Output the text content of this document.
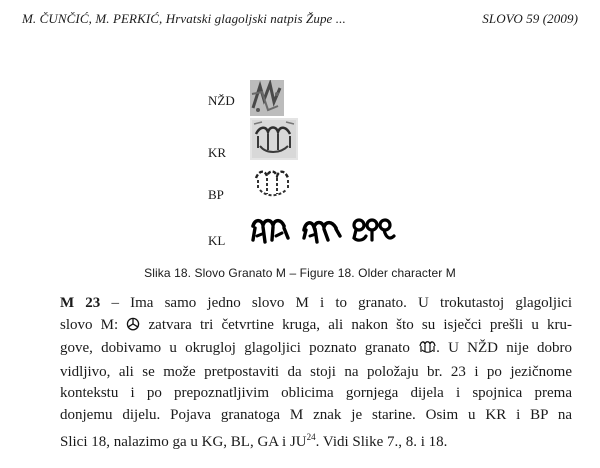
M. ČUNČIĆ, M. PERKIĆ, Hrvatski glagoljski natpis Župe ...	SLOVO 59 (2009)
NŽD
KR
BP
KL
Slika 18. Slovo Granato M – Figure 18. Older character M
M 23 – Ima samo jedno slovo M i to granato. U trokutastoj glagoljici
slovo M:  zatvara tri četvrtine kruga, ali nakon što su isječci prešli u kru-
gove, dobivamo u okrugloj glagoljici poznato granato . U NŽD nije dobro
vidljivo, ali se može pretpostaviti da stoji na položaju br. 23 i po jezičnome
kontekstu i po prepoznatljivim oblicima gornjega dijela i spojnica prema
donjemu dijelu. Pojava granatoga M znak je starine. Osim u KR i BP na
Slici 18, nalazimo ga u KG, BL, GA i JU$^{24}$. Vidi Slike 7., 8. i 18.
